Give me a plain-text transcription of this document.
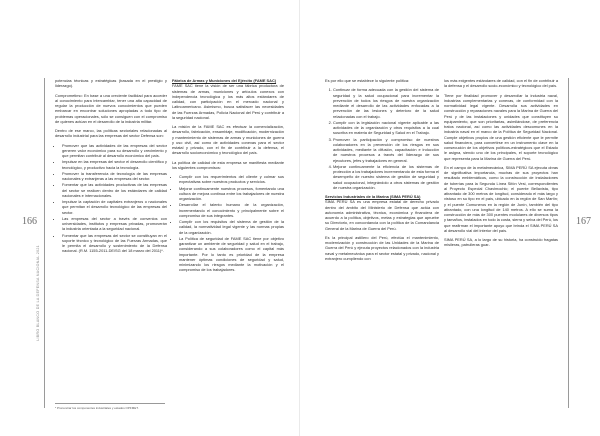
166
LIBRO BLANCO DE LA DEFENSA NACIONAL 2021

potencias técnicas y estratégicas (basada en el prestigio y liderazgo).

Comprometimo: En base a una creciente facilidad para acceder al conocimiento para intercambiar, tener una alta capacidad de regular la producción de nuevos conocimientos que pueden embarcar en encontrar soluciones apropiadas a todo tipo de problemas operacionales, sólo se consiguen con el compromiso de quienes actúan en el desarrollo de la industria militar.

Dentro de ese marco, las políticas sectoriales relacionadas al desarrollo industrial para las empresas del sector Defensa son:

• Promover que las actividades de las empresas del sector generen valor económico para su desarrollo y crecimiento y que permitan contribuir al desarrollo económico del país.
• Impulsar en las empresas del sector el desarrollo científico y tecnológico, y productivo hacia la tecnología.
• Promover la transferencia de tecnología de las empresas nacionales y extranjeras a las empresas del sector.
• Fomentar que las actividades productivas de las empresas del sector se realicen dentro de los estándares de calidad nacionales e internacionales.
• Impulsar la captación de capitales extranjeros o nacionales que permitan el desarrollo tecnológico de las empresas del sector.
• Las empresas del sector a través de convenios con universidades, institutos y empresas privadas, promoverán la industria orientada a la seguridad nacional.
• Fomentar que las empresas del sector se constituyan en el soporte técnico y tecnológico de las Fuerzas Armadas, que le permita el desarrollo y sostenimiento de la Defensa nacional. (R.M. 1155-2011-DE/SG del 18 marzo del 2011)*.
* Pronunciar los componentes industriales y estados OPFMET.

Fábrica de Armas y Municiones del Ejército (FAME SAC)

FAME SAC tiene la visión de ser una fábrica productora de sistemas de armas, municiones y artículos conexos con independencia tecnológica y los más altos estándares de calidad, con participación en el mercado nacional y Latinoamericano. Asimismo, busca satisfacer las necesidades de las Fuerzas Armadas, Policía Nacional del Perú y contribuir a la seguridad nacional.

La misión de la FAME SAC es efectuar la comercialización, desarrollo, fabricación, ensamblaje, modificación, modernización y mantenimiento de sistemas de armas y municiones de guerra y uso civil, así como de actividades conexas para el sector estatal y privado, con el fin de contribuir a la defensa, el desarrollo socioeconómico y tecnológico del país.

La política de calidad de esta empresa se manifiesta mediante los siguientes compromisos:

• Cumplir con los requerimientos del cliente y colmar sus expectativas sobre nuestros productos y servicios.
• Mejorar continuamente nuestros procesos, fomentando una cultura de mejora continua entre los trabajadores de nuestra organización.
• Desarrollar el talento humano de la organización, incrementando el conocimiento y principalmente sobre el compromiso de sus integrantes.
• Cumplir con los requisitos del sistema de gestión de la calidad, la normatividad legal vigente y las normas propias de la organización.
• La Política de seguridad de FAME SAC tiene por objetivo garantizar un ambiente de seguridad y salud en el trabajo, considerando a sus colaboradores como el capital más importante. Por lo tanto es prioridad de la empresa mantener óptimas condiciones de seguridad y salud, minimizando los riesgos mediante la motivación y el compromiso de los trabajadores.

Es por ello que se establece lo siguiente política:

1. Continuar de forma adecuada con la gestión del sistema de seguridad y la salud ocupacional para incrementar la prevención de todos los riesgos de nuestra organización mediante el desarrollo de las actividades enfocadas a la prevención de las lesiones y deterioro de la salud relacionadas con el trabajo.
2. Cumplir con la legislación nacional vigente aplicable a las actividades de la organización y otros requisitos a la cual suscriba en materia de Seguridad y Salud en el Trabajo.
3. Promover la participación y compromiso de nuestros colaboradores en la prevención de los riesgos en sus actividades, mediante la difusión, capacitación e inducción de nuestros procesos a través del liderazgo de sus ejecutores, jefes y trabajadores en general.
4. Mejorar continuamente la eficiencia de los sistemas de protección a los trabajadores incrementando de esta forma el desempeño de nuestro sistema de gestión de seguridad y salud ocupacional, integrándolo a otros sistemas de gestión de nuestra organización.

Servicios Industriales de la Marina (SIMA PERÚ SA)

SIMA PERÚ SA es una empresa estatal de derecho privado dentro del ámbito del Ministerio de Defensa que actúa con autonomía administrativa, técnica, económica y financiera de acuerdo a la política, objetivos, metas y estrategias que apruebe su Directorio, en concordancia con la política de la Comandancia General de la Marina de Guerra del Perú.

Es la principal astillero del Perú, efectúa el mantenimiento, modernización y construcción de las Unidades de la Marina de Guerra del Perú y ejecuta proyectos relacionados con la industria naval y metalmecánica para el sector estatal y privado, nacional y extranjero cumpliendo con

los más exigentes estándares de calidad, con el fin de contribuir a la defensa y el desarrollo socio-económico y tecnológico del país.

Tiene por finalidad promover y desarrollar la industria naval, industrias complementarias y conexas, de conformidad con la normatividad legal vigente. Desarrolla sus actividades en construcción y reparaciones navales para la Marina de Guerra del Perú y de las instalaciones y unidades que constituyen su equipamiento, que son prioritarias, asimilándose, de preferencia tratos nacional, así como las actividades descomunes en la industria naval en el marco de la Política de Seguridad Nacional. Cumple objetivos propios de una gestión eficiente que le permite salud financiera, para convertirse en un instrumento clave en la consecución de los objetivos políticos-estratégicos que el Estado le asigna, siendo uno de los principales, el soporte tecnológico que representa para la Marina de Guerra del Perú.

En el campo de la metalmecánica, SIMA PERÚ SA ejecuta obras de significativa importancia, muchas de sus proyectos han resultado emblemáticos, como la construcción de instalaciones de tuberías para la Segunda Línea Sifón Vesi, correspondientes al Proyecto Especial Chavimochic; el puente Bellavista, tipo atirantado de 300 metros de longitud, considerado el más largo y vistoso en su tipo en el país, ubicado en la región de San Martín; y el puente Comuneros en la región de Junín, también del tipo atirantado, con una longitud de 140 metros. A ello se suma la construcción de más de 300 puentes modulares de diversos tipos y tamaños, instalados en todo la costa, sierra y selva del Perú, los que reafirman el importante apoyo que brinda el SIMA PERÚ SA al desarrollo vial del interior del país.

SIMA PERÚ SA, a lo largo de su historia, ha construido fragatas misileras, patrulleras guar-

167
